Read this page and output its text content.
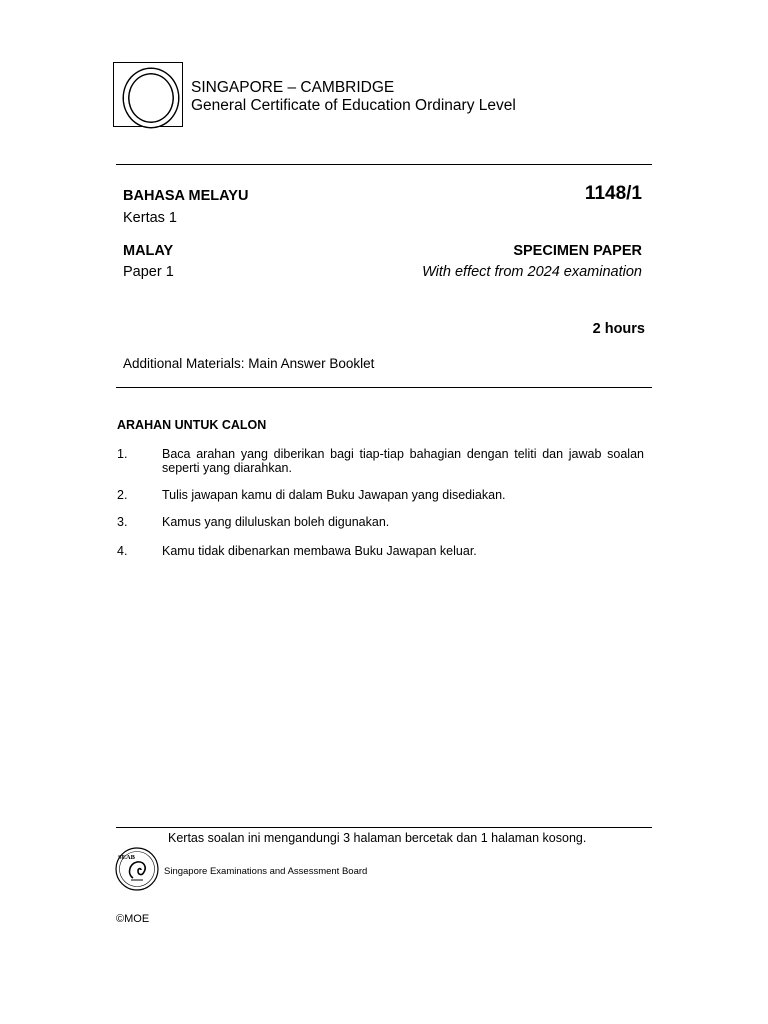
SINGAPORE – CAMBRIDGE
General Certificate of Education Ordinary Level
BAHASA MELAYU
Kertas 1
1148/1
MALAY
Paper 1
SPECIMEN PAPER
With effect from 2024 examination
2 hours
Additional Materials: Main Answer Booklet
ARAHAN UNTUK CALON
1.	Baca arahan yang diberikan bagi tiap-tiap bahagian dengan teliti dan jawab soalan seperti yang diarahkan.
2.	Tulis jawapan kamu di dalam Buku Jawapan yang disediakan.
3.	Kamus yang diluluskan boleh digunakan.
4.	Kamu tidak dibenarkan membawa Buku Jawapan keluar.
Kertas soalan ini mengandungi 3 halaman bercetak dan 1 halaman kosong.
SEAB
Singapore Examinations and Assessment Board
©MOE
